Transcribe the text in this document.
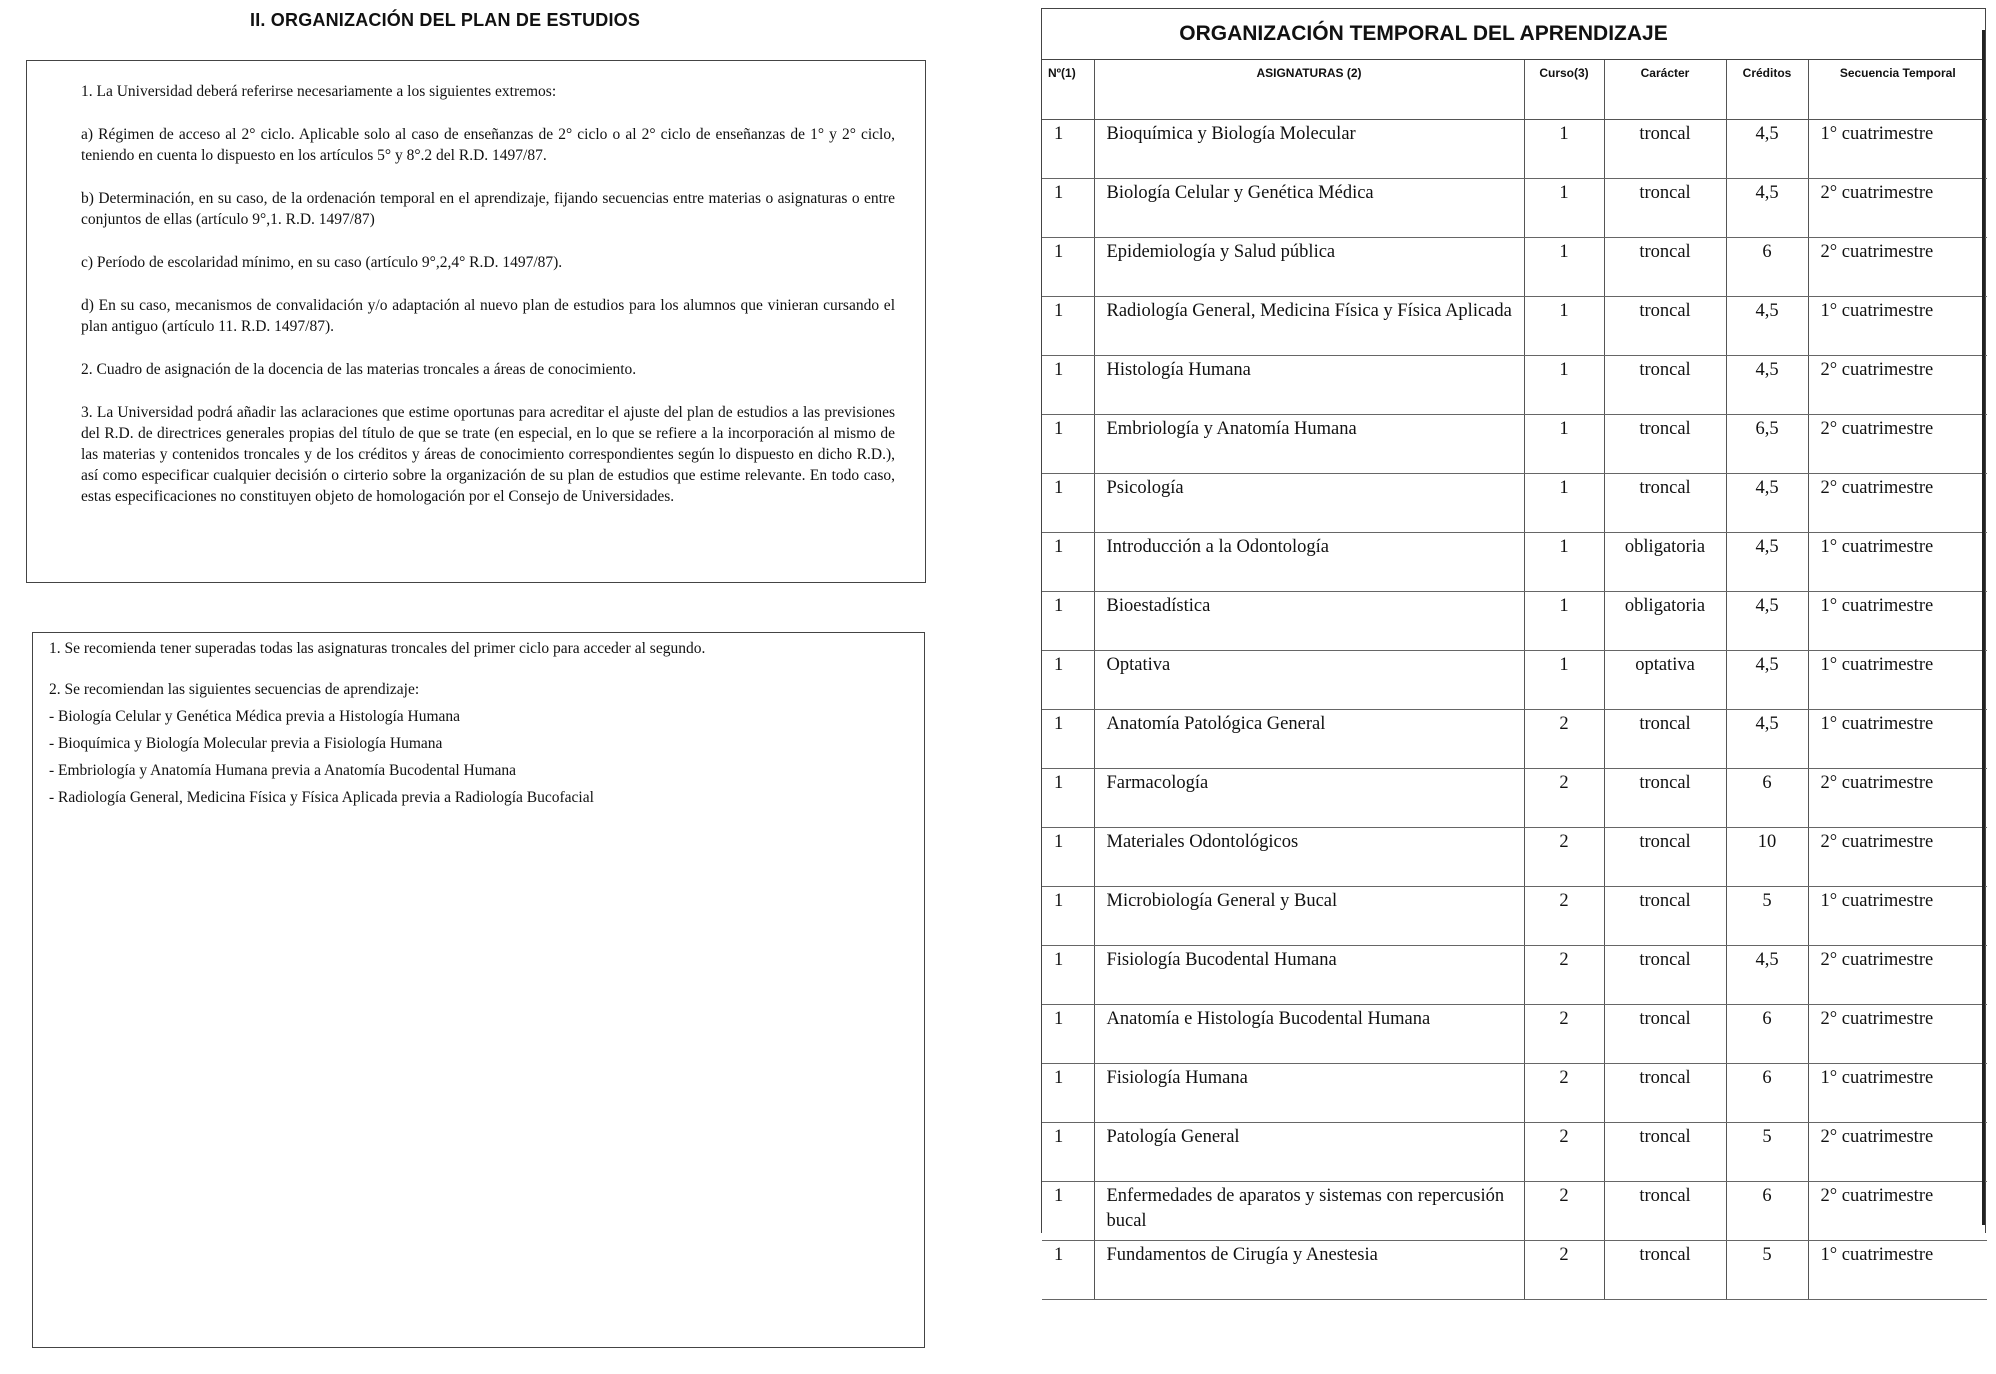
II. ORGANIZACIÓN DEL PLAN DE ESTUDIOS

1. La Universidad deberá referirse necesariamente a los siguientes extremos:

a) Régimen de acceso al 2° ciclo. Aplicable solo al caso de enseñanzas de 2° ciclo o al 2° ciclo de enseñanzas de 1° y 2° ciclo, teniendo en cuenta lo dispuesto en los artículos 5° y 8°.2 del R.D. 1497/87.

b) Determinación, en su caso, de la ordenación temporal en el aprendizaje, fijando secuencias entre materias o asignaturas o entre conjuntos de ellas (artículo 9°,1. R.D. 1497/87)

c) Período de escolaridad mínimo, en su caso (artículo 9°,2,4° R.D. 1497/87).

d) En su caso, mecanismos de convalidación y/o adaptación al nuevo plan de estudios para los alumnos que vinieran cursando el plan antiguo (artículo 11. R.D. 1497/87).

2. Cuadro de asignación de la docencia de las materias troncales a áreas de conocimiento.

3. La Universidad podrá añadir las aclaraciones que estime oportunas para acreditar el ajuste del plan de estudios a las previsiones del R.D. de directrices generales propias del título de que se trate (en especial, en lo que se refiere a la incorporación al mismo de las materias y contenidos troncales y de los créditos y áreas de conocimiento correspondientes según lo dispuesto en dicho R.D.), así como especificar cualquier decisión o cirterio sobre la organización de su plan de estudios que estime relevante. En todo caso, estas especificaciones no constituyen objeto de homologación por el Consejo de Universidades.

1. Se recomienda tener superadas todas las asignaturas troncales del primer ciclo para acceder al segundo.

2. Se recomiendan las siguientes secuencias de aprendizaje:

- Biología Celular y Genética Médica previa a Histología Humana

- Bioquímica y Biología Molecular previa a Fisiología Humana

- Embriología y Anatomía Humana previa a Anatomía Bucodental Humana

- Radiología General, Medicina Física y Física Aplicada previa a Radiología Bucofacial

ORGANIZACIÓN TEMPORAL DEL APRENDIZAJE
Nº(1)	ASIGNATURAS (2)	Curso(3)	Carácter	Créditos	Secuencia Temporal
1	Bioquímica y Biología Molecular	1	troncal	4,5	1° cuatrimestre
1	Biología Celular y Genética Médica	1	troncal	4,5	2° cuatrimestre
1	Epidemiología y Salud pública	1	troncal	6	2° cuatrimestre
1	Radiología General, Medicina Física y Física Aplicada	1	troncal	4,5	1° cuatrimestre
1	Histología Humana	1	troncal	4,5	2° cuatrimestre
1	Embriología y Anatomía Humana	1	troncal	6,5	2° cuatrimestre
1	Psicología	1	troncal	4,5	2° cuatrimestre
1	Introducción a la Odontología	1	obligatoria	4,5	1° cuatrimestre
1	Bioestadística	1	obligatoria	4,5	1° cuatrimestre
1	Optativa	1	optativa	4,5	1° cuatrimestre
1	Anatomía Patológica General	2	troncal	4,5	1° cuatrimestre
1	Farmacología	2	troncal	6	2° cuatrimestre
1	Materiales Odontológicos	2	troncal	10	2° cuatrimestre
1	Microbiología General y Bucal	2	troncal	5	1° cuatrimestre
1	Fisiología Bucodental Humana	2	troncal	4,5	2° cuatrimestre
1	Anatomía e Histología Bucodental Humana	2	troncal	6	2° cuatrimestre
1	Fisiología Humana	2	troncal	6	1° cuatrimestre
1	Patología General	2	troncal	5	2° cuatrimestre
1	Enfermedades de aparatos y sistemas con repercusión bucal	2	troncal	6	2° cuatrimestre
1	Fundamentos de Cirugía y Anestesia	2	troncal	5	1° cuatrimestre
